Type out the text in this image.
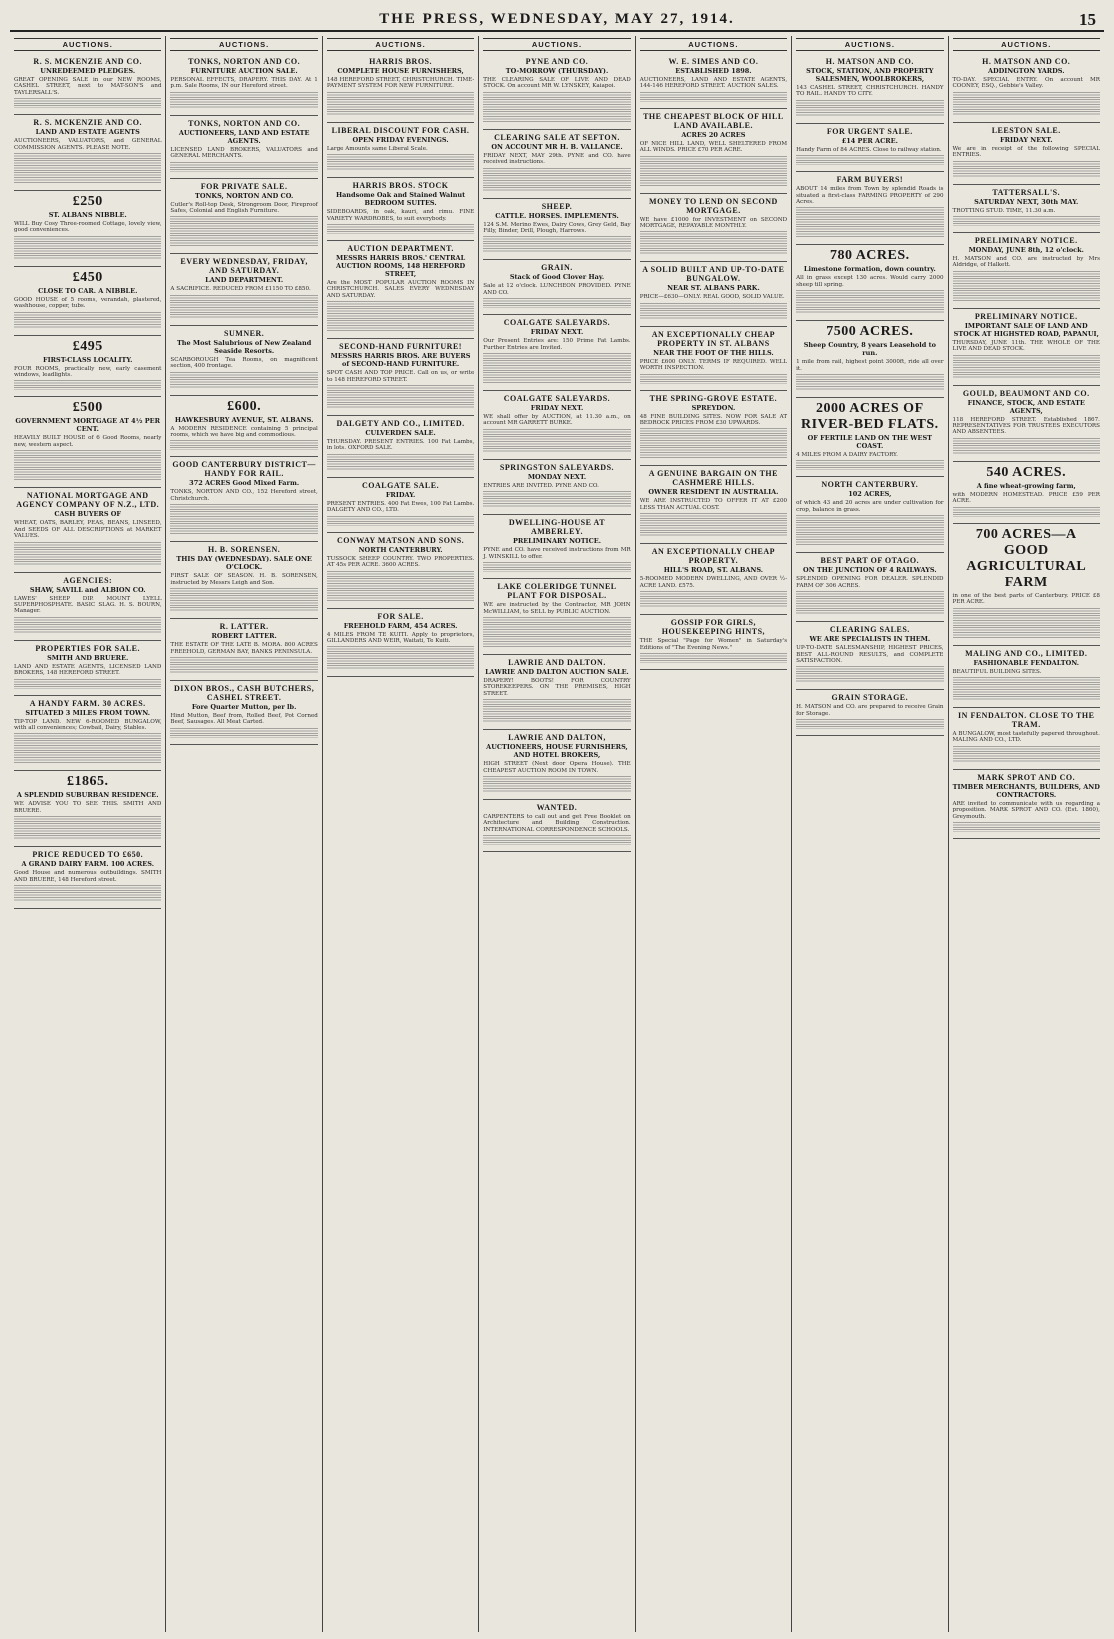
THE PRESS, WEDNESDAY, MAY 27, 1914.	15
AUCTIONS.
R. S. MCKENZIE AND CO.
UNREDEEMED PLEDGES.
GREAT OPENING SALE in our NEW ROOMS, CASHEL STREET, next to MAT-SON'S and TAYLERSALL'S.
R. S. MCKENZIE AND CO.
LAND AND ESTATE AGENTS
AUCTIONEERS, VALUATORS, and GENERAL COMMISSION AGENTS. PLEASE NOTE.
£250
ST. ALBANS NIBBLE.
WILL Buy Cosy Three-roomed Cottage, lovely view, good conveniences.
£450
CLOSE TO CAR. A NIBBLE.
GOOD HOUSE of 5 rooms, verandah, plastered, washhouse, copper, tubs.
£495
FIRST-CLASS LOCALITY.
FOUR ROOMS, practically new, early casement windows, leadlights.
£500
GOVERNMENT MORTGAGE AT 4½ PER CENT.
HEAVILY BUILT HOUSE of 6 Good Rooms, nearly new, western aspect.
NATIONAL MORTGAGE AND AGENCY COMPANY OF N.Z., LTD.
CASH BUYERS OF
WHEAT, OATS, BARLEY, PEAS, BEANS, LINSEED, And SEEDS OF ALL DESCRIPTIONS at MARKET VALUES.
AGENCIES:
SHAW, SAVILL and ALBION CO.
LAWES' SHEEP DIP. MOUNT LYELL SUPERPHOSPHATE. BASIC SLAG. H. S. BOURN, Manager.
PROPERTIES FOR SALE.
SMITH AND BRUERE.
LAND AND ESTATE AGENTS, LICENSED LAND BROKERS, 148 HEREFORD STREET.
A HANDY FARM. 30 ACRES.
SITUATED 3 MILES FROM TOWN.
TIP-TOP LAND. NEW 6-ROOMED BUNGALOW, with all conveniences; Cowbail, Dairy, Stables.
£1865.
A SPLENDID SUBURBAN RESIDENCE.
WE ADVISE YOU TO SEE THIS. SMITH AND BRUERE.
PRICE REDUCED TO £650.
A GRAND DAIRY FARM. 100 ACRES.
Good House and numerous outbuildings. SMITH AND BRUERE, 148 Hereford street.
AUCTIONS.
TONKS, NORTON AND CO.
FURNITURE AUCTION SALE.
PERSONAL EFFECTS, DRAPERY. THIS DAY. At 1 p.m. Sale Rooms, IN our Hereford street.
TONKS, NORTON AND CO.
AUCTIONEERS, LAND AND ESTATE AGENTS.
LICENSED LAND BROKERS, VALUATORS and GENERAL MERCHANTS.
FOR PRIVATE SALE.
TONKS, NORTON AND CO.
Cutler's Roll-top Desk, Strongroom Door, Fireproof Safes, Colonial and English Furniture.
EVERY WEDNESDAY, FRIDAY, AND SATURDAY.
LAND DEPARTMENT.
A SACRIFICE. REDUCED FROM £1150 TO £850.
SUMNER.
The Most Salubrious of New Zealand Seaside Resorts.
SCARBOROUGH Tea Rooms, on magnificent section, 400 frontage.
£600.
HAWKESBURY AVENUE, ST. ALBANS.
A MODERN RESIDENCE containing 5 principal rooms, which we have big and commodious.
GOOD CANTERBURY DISTRICT—HANDY FOR RAIL.
372 ACRES Good Mixed Farm.
TONKS, NORTON AND CO., 152 Hereford street, Christchurch.
H. B. SORENSEN.
THIS DAY (WEDNESDAY). SALE ONE O'CLOCK.
FIRST SALE OF SEASON. H. B. SORENSEN, instructed by Messrs Leigh and Son.
R. LATTER.
ROBERT LATTER.
THE ESTATE OF THE LATE B. MORA. 800 ACRES FREEHOLD, GERMAN BAY, BANKS PENINSULA.
DIXON BROS., CASH BUTCHERS, CASHEL STREET.
Fore Quarter Mutton, per lb.
Hind Mutton, Beef from, Rolled Beef, Pot Corned Beef, Sausages. All Meat Carted.
AUCTIONS.
HARRIS BROS.
COMPLETE HOUSE FURNISHERS,
148 HEREFORD STREET, CHRISTCHURCH. TIME-PAYMENT SYSTEM FOR NEW FURNITURE.
LIBERAL DISCOUNT FOR CASH.
OPEN FRIDAY EVENINGS.
Large Amounts same Liberal Scale.
HARRIS BROS. STOCK
Handsome Oak and Stained Walnut BEDROOM SUITES.
SIDEBOARDS, in oak, kauri, and rimu. FINE VARIETY WARDROBES, to suit everybody.
AUCTION DEPARTMENT.
MESSRS HARRIS BROS.' CENTRAL AUCTION ROOMS, 148 HEREFORD STREET,
Are the MOST POPULAR AUCTION ROOMS IN CHRISTCHURCH. SALES EVERY WEDNESDAY AND SATURDAY.
SECOND-HAND FURNITURE!
MESSRS HARRIS BROS. ARE BUYERS of SECOND-HAND FURNITURE.
SPOT CASH AND TOP PRICE. Call on us, or write to 148 HEREFORD STREET.
DALGETY AND CO., LIMITED.
CULVERDEN SALE.
THURSDAY. PRESENT ENTRIES. 100 Fat Lambs, in lots. OXFORD SALE.
COALGATE SALE.
FRIDAY.
PRESENT ENTRIES. 400 Fat Ewes, 100 Fat Lambs. DALGETY AND CO., LTD.
CONWAY MATSON AND SONS.
NORTH CANTERBURY.
TUSSOCK SHEEP COUNTRY. TWO PROPERTIES. AT 45s PER ACRE. 3600 ACRES.
FOR SALE.
FREEHOLD FARM, 454 ACRES.
4 MILES FROM TE KUITI. Apply to proprietors, GILLANDERS AND WEIR, Waitati, Te Kuiti.
AUCTIONS.
PYNE AND CO.
TO-MORROW (THURSDAY).
THE CLEARING SALE OF LIVE AND DEAD STOCK. On account MR W. LYNSKEY, Kaiapoi.
CLEARING SALE AT SEFTON.
ON ACCOUNT MR H. B. VALLANCE.
FRIDAY NEXT, MAY 29th. PYNE and CO. have received instructions.
SHEEP.
CATTLE. HORSES. IMPLEMENTS.
124 S.M. Merino Ewes, Dairy Cows, Grey Geld, Bay Filly, Binder, Drill, Plough, Harrows.
GRAIN.
Stack of Good Clover Hay.
Sale at 12 o'clock. LUNCHEON PROVIDED. PYNE AND CO.
COALGATE SALEYARDS.
FRIDAY NEXT.
Our Present Entries are: 150 Prime Fat Lambs. Further Entries are Invited.
COALGATE SALEYARDS.
FRIDAY NEXT.
WE shall offer by AUCTION, at 11.30 a.m., on account MR GARRETT BURKE.
SPRINGSTON SALEYARDS.
MONDAY NEXT.
ENTRIES ARE INVITED. PYNE AND CO.
DWELLING-HOUSE AT AMBERLEY.
PRELIMINARY NOTICE.
PYNE and CO. have received instructions from MR J. WINSKILL to offer.
LAKE COLERIDGE TUNNEL PLANT FOR DISPOSAL.
WE are instructed by the Contractor, MR JOHN McWILLIAM, to SELL by PUBLIC AUCTION.
LAWRIE AND DALTON.
LAWRIE AND DALTON AUCTION SALE.
DRAPERY! BOOTS! FOR COUNTRY STOREKEEPERS. ON THE PREMISES, HIGH STREET.
LAWRIE AND DALTON,
AUCTIONEERS, HOUSE FURNISHERS, AND HOTEL BROKERS,
HIGH STREET (Next door Opera House). THE CHEAPEST AUCTION ROOM IN TOWN.
WANTED.
CARPENTERS to call out and get Free Booklet on Architecture and Building Construction. INTERNATIONAL CORRESPONDENCE SCHOOLS.
AUCTIONS.
W. E. SIMES AND CO.
ESTABLISHED 1898.
AUCTIONEERS, LAND AND ESTATE AGENTS, 144-146 HEREFORD STREET. AUCTION SALES.
THE CHEAPEST BLOCK OF HILL LAND AVAILABLE.
ACRES 20 ACRES
OF NICE HILL LAND, WELL SHELTERED FROM ALL WINDS. PRICE £70 PER ACRE.
MONEY TO LEND ON SECOND MORTGAGE.
WE have £1000 for INVESTMENT on SECOND MORTGAGE, REPAYABLE MONTHLY.
A SOLID BUILT AND UP-TO-DATE BUNGALOW.
NEAR ST. ALBANS PARK.
PRICE—£630—ONLY. REAL GOOD, SOLID VALUE.
AN EXCEPTIONALLY CHEAP PROPERTY IN ST. ALBANS
NEAR THE FOOT OF THE HILLS.
PRICE £600 ONLY. TERMS IF REQUIRED. WELL WORTH INSPECTION.
THE SPRING-GROVE ESTATE.
SPREYDON.
48 FINE BUILDING SITES. NOW FOR SALE AT BEDROCK PRICES FROM £30 UPWARDS.
A GENUINE BARGAIN ON THE CASHMERE HILLS.
OWNER RESIDENT IN AUSTRALIA.
WE ARE INSTRUCTED TO OFFER IT AT £200 LESS THAN ACTUAL COST.
AN EXCEPTIONALLY CHEAP PROPERTY.
HILL'S ROAD, ST. ALBANS.
5-ROOMED MODERN DWELLING, AND OVER ½-ACRE LAND. £575.
GOSSIP FOR GIRLS, HOUSEKEEPING HINTS,
THE Special "Page for Women" in Saturday's Editions of "The Evening News."
AUCTIONS.
H. MATSON AND CO.
STOCK, STATION, AND PROPERTY SALESMEN, WOOLBROKERS,
143 CASHEL STREET, CHRISTCHURCH. HANDY TO RAIL. HANDY TO CITY.
FOR URGENT SALE.
£14 PER ACRE.
Handy Farm of 84 ACRES. Close to railway station.
FARM BUYERS!
ABOUT 14 miles from Town by splendid Roads is situated a first-class FARMING PROPERTY of 290 Acres.
780 ACRES.
Limestone formation, down country.
All in grass except 130 acres. Would carry 2000 sheep till spring.
7500 ACRES.
Sheep Country, 8 years Leasehold to run.
1 mile from rail, highest point 3000ft, ride all over it.
2000 ACRES OF RIVER-BED FLATS.
OF FERTILE LAND ON THE WEST COAST.
4 MILES FROM A DAIRY FACTORY.
NORTH CANTERBURY.
102 ACRES,
of which 43 and 20 acres are under cultivation for crop, balance in grass.
BEST PART OF OTAGO.
ON THE JUNCTION OF 4 RAILWAYS.
SPLENDID OPENING FOR DEALER. SPLENDID FARM OF 306 ACRES.
CLEARING SALES.
WE ARE SPECIALISTS IN THEM.
UP-TO-DATE SALESMANSHIP, HIGHEST PRICES, BEST ALL-ROUND RESULTS, and COMPLETE SATISFACTION.
GRAIN STORAGE.
H. MATSON and CO. are prepared to receive Grain for Storage.
AUCTIONS.
H. MATSON AND CO.
ADDINGTON YARDS.
TO-DAY. SPECIAL ENTRY. On account MR COONEY, ESQ., Gebbie's Valley.
LEESTON SALE.
FRIDAY NEXT.
We are in receipt of the following SPECIAL ENTRIES.
TATTERSALL'S.
SATURDAY NEXT, 30th MAY.
TROTTING STUD. TIME, 11.30 a.m.
PRELIMINARY NOTICE.
MONDAY, JUNE 8th, 12 o'clock.
H. MATSON and CO. are instructed by Mrs Aldridge, of Halkett.
PRELIMINARY NOTICE.
IMPORTANT SALE OF LAND AND STOCK AT HIGHSTED ROAD, PAPANUI,
THURSDAY, JUNE 11th. THE WHOLE OF THE LIVE AND DEAD STOCK.
GOULD, BEAUMONT AND CO.
FINANCE, STOCK, AND ESTATE AGENTS,
118 HEREFORD STREET. Established 1867. REPRESENTATIVES FOR TRUSTEES EXECUTORS AND ABSENTEES.
540 ACRES.
A fine wheat-growing farm,
with MODERN HOMESTEAD. PRICE £59 PER ACRE.
700 ACRES—A GOOD AGRICULTURAL FARM
in one of the best parts of Canterbury. PRICE £8 PER ACRE.
MALING AND CO., LIMITED.
FASHIONABLE FENDALTON.
BEAUTIFUL BUILDING SITES.
IN FENDALTON. CLOSE TO THE TRAM.
A BUNGALOW, most tastefully papered throughout. MALING AND CO., LTD.
MARK SPROT AND CO.
TIMBER MERCHANTS, BUILDERS, AND CONTRACTORS.
ARE invited to communicate with us regarding a proposition. MARK SPROT AND CO. (Est. 1860), Greymouth.
